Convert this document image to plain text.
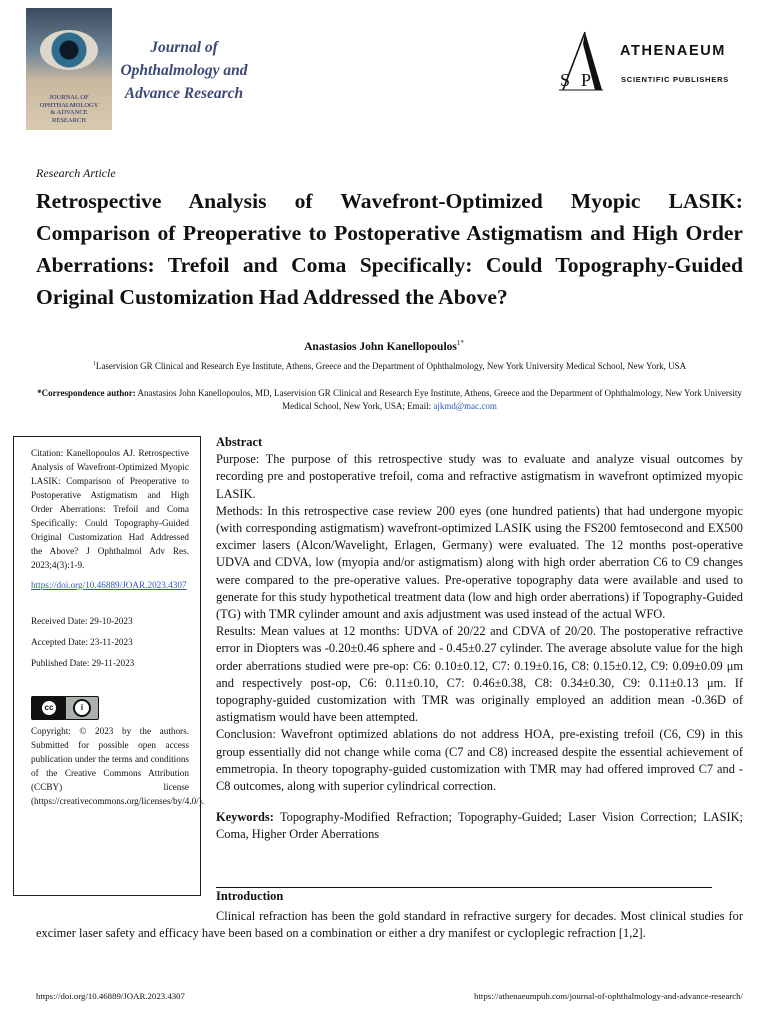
JOURNAL OF
OPHTHALMOLOGY
& ADVANCE
RESEARCH
Journal of
Ophthalmology and
Advance Research
S P
ATHENAEUM
SCIENTIFIC PUBLISHERS
Research Article
Retrospective Analysis of Wavefront-Optimized Myopic LASIK: Comparison of Preoperative to Postoperative Astigmatism and High Order Aberrations: Trefoil and Coma Specifically: Could Topography-Guided Original Customization Had Addressed the Above?
Anastasios John Kanellopoulos$^{1*}$
$^1$Laservision GR Clinical and Research Eye Institute, Athens, Greece and the Department of Ophthalmology, New York University Medical School, New York, USA
*Correspondence author: Anastasios John Kanellopoulos, MD, Laservision GR Clinical and Research Eye Institute, Athens, Greece and the Department of Ophthalmology, New York University Medical School, New York, USA; Email: ajkmd@mac.com

Citation: Kanellopoulos AJ. Retrospective Analysis of Wavefront-Optimized Myopic LASIK: Comparison of Preoperative to Postoperative Astigmatism and High Order Aberrations: Trefoil and Coma Specifically: Could Topography-Guided Original Customization Had Addressed the Above? J Ophthalmol Adv Res. 2023;4(3):1-9.

https://doi.org/10.46889/JOAR.2023.4307

Received Date: 29-10-2023
Accepted Date: 23-11-2023
Published Date: 29-11-2023
cc	i

Copyright: © 2023 by the authors. Submitted for possible open access publication under the terms and conditions of the Creative Commons Attribution (CCBY) license (https://creativecommons.org/licenses/by/4.0/).

Abstract

Purpose: The purpose of this retrospective study was to evaluate and analyze visual outcomes by recording pre and postoperative trefoil, coma and refractive astigmatism in wavefront optimized myopic LASIK.

Methods: In this retrospective case review 200 eyes (one hundred patients) that had undergone myopic (with corresponding astigmatism) wavefront-optimized LASIK using the FS200 femtosecond and EX500 excimer lasers (Alcon/Wavelight, Erlagen, Germany) were evaluated. The 12 months post-operative UDVA and CDVA, low (myopia and/or astigmatism) along with high order aberration C6 to C9 changes were compared to the pre-operative values. Pre-operative topography data were available and used to generate for this study hypothetical treatment data (low and high order aberrations) if Topography-Guided (TG) with TMR cylinder amount and axis adjustment was used instead of the actual WFO.

Results: Mean values at 12 months: UDVA of 20/22 and CDVA of 20/20. The postoperative refractive error in Diopters was -0.20±0.46 sphere and - 0.45±0.27 cylinder. The average absolute value for the high order aberrations studied were pre-op: C6: 0.10±0.12, C7: 0.19±0.16, C8: 0.15±0.12, C9: 0.09±0.09 μm and respectively post-op, C6: 0.11±0.10, C7: 0.46±0.38, C8: 0.34±0.30, C9: 0.11±0.13 μm. If topography-guided customization with TMR was originally employed an addition mean -0.36D of astigmatism would have been attempted.

Conclusion: Wavefront optimized ablations do not address HOA, pre-existing trefoil (C6, C9) in this group essentially did not change while coma (C7 and C8) increased despite the essential achievement of emmetropia. In theory topography-guided customization with TMR may had offered improved C7 and -C8 outcomes, along with superior cylindrical correction.

Keywords: Topography-Modified Refraction; Topography-Guided; Laser Vision Correction; LASIK; Coma, Higher Order Aberrations

Introduction
Clinical refraction has been the gold standard in refractive surgery for decades. Most clinical studies for excimer laser safety and efficacy have been based on a combination or either a dry manifest or cycloplegic refraction [1,2].
https://doi.org/10.46889/JOAR.2023.4307	https://athenaeumpub.com/journal-of-ophthalmology-and-advance-research/
